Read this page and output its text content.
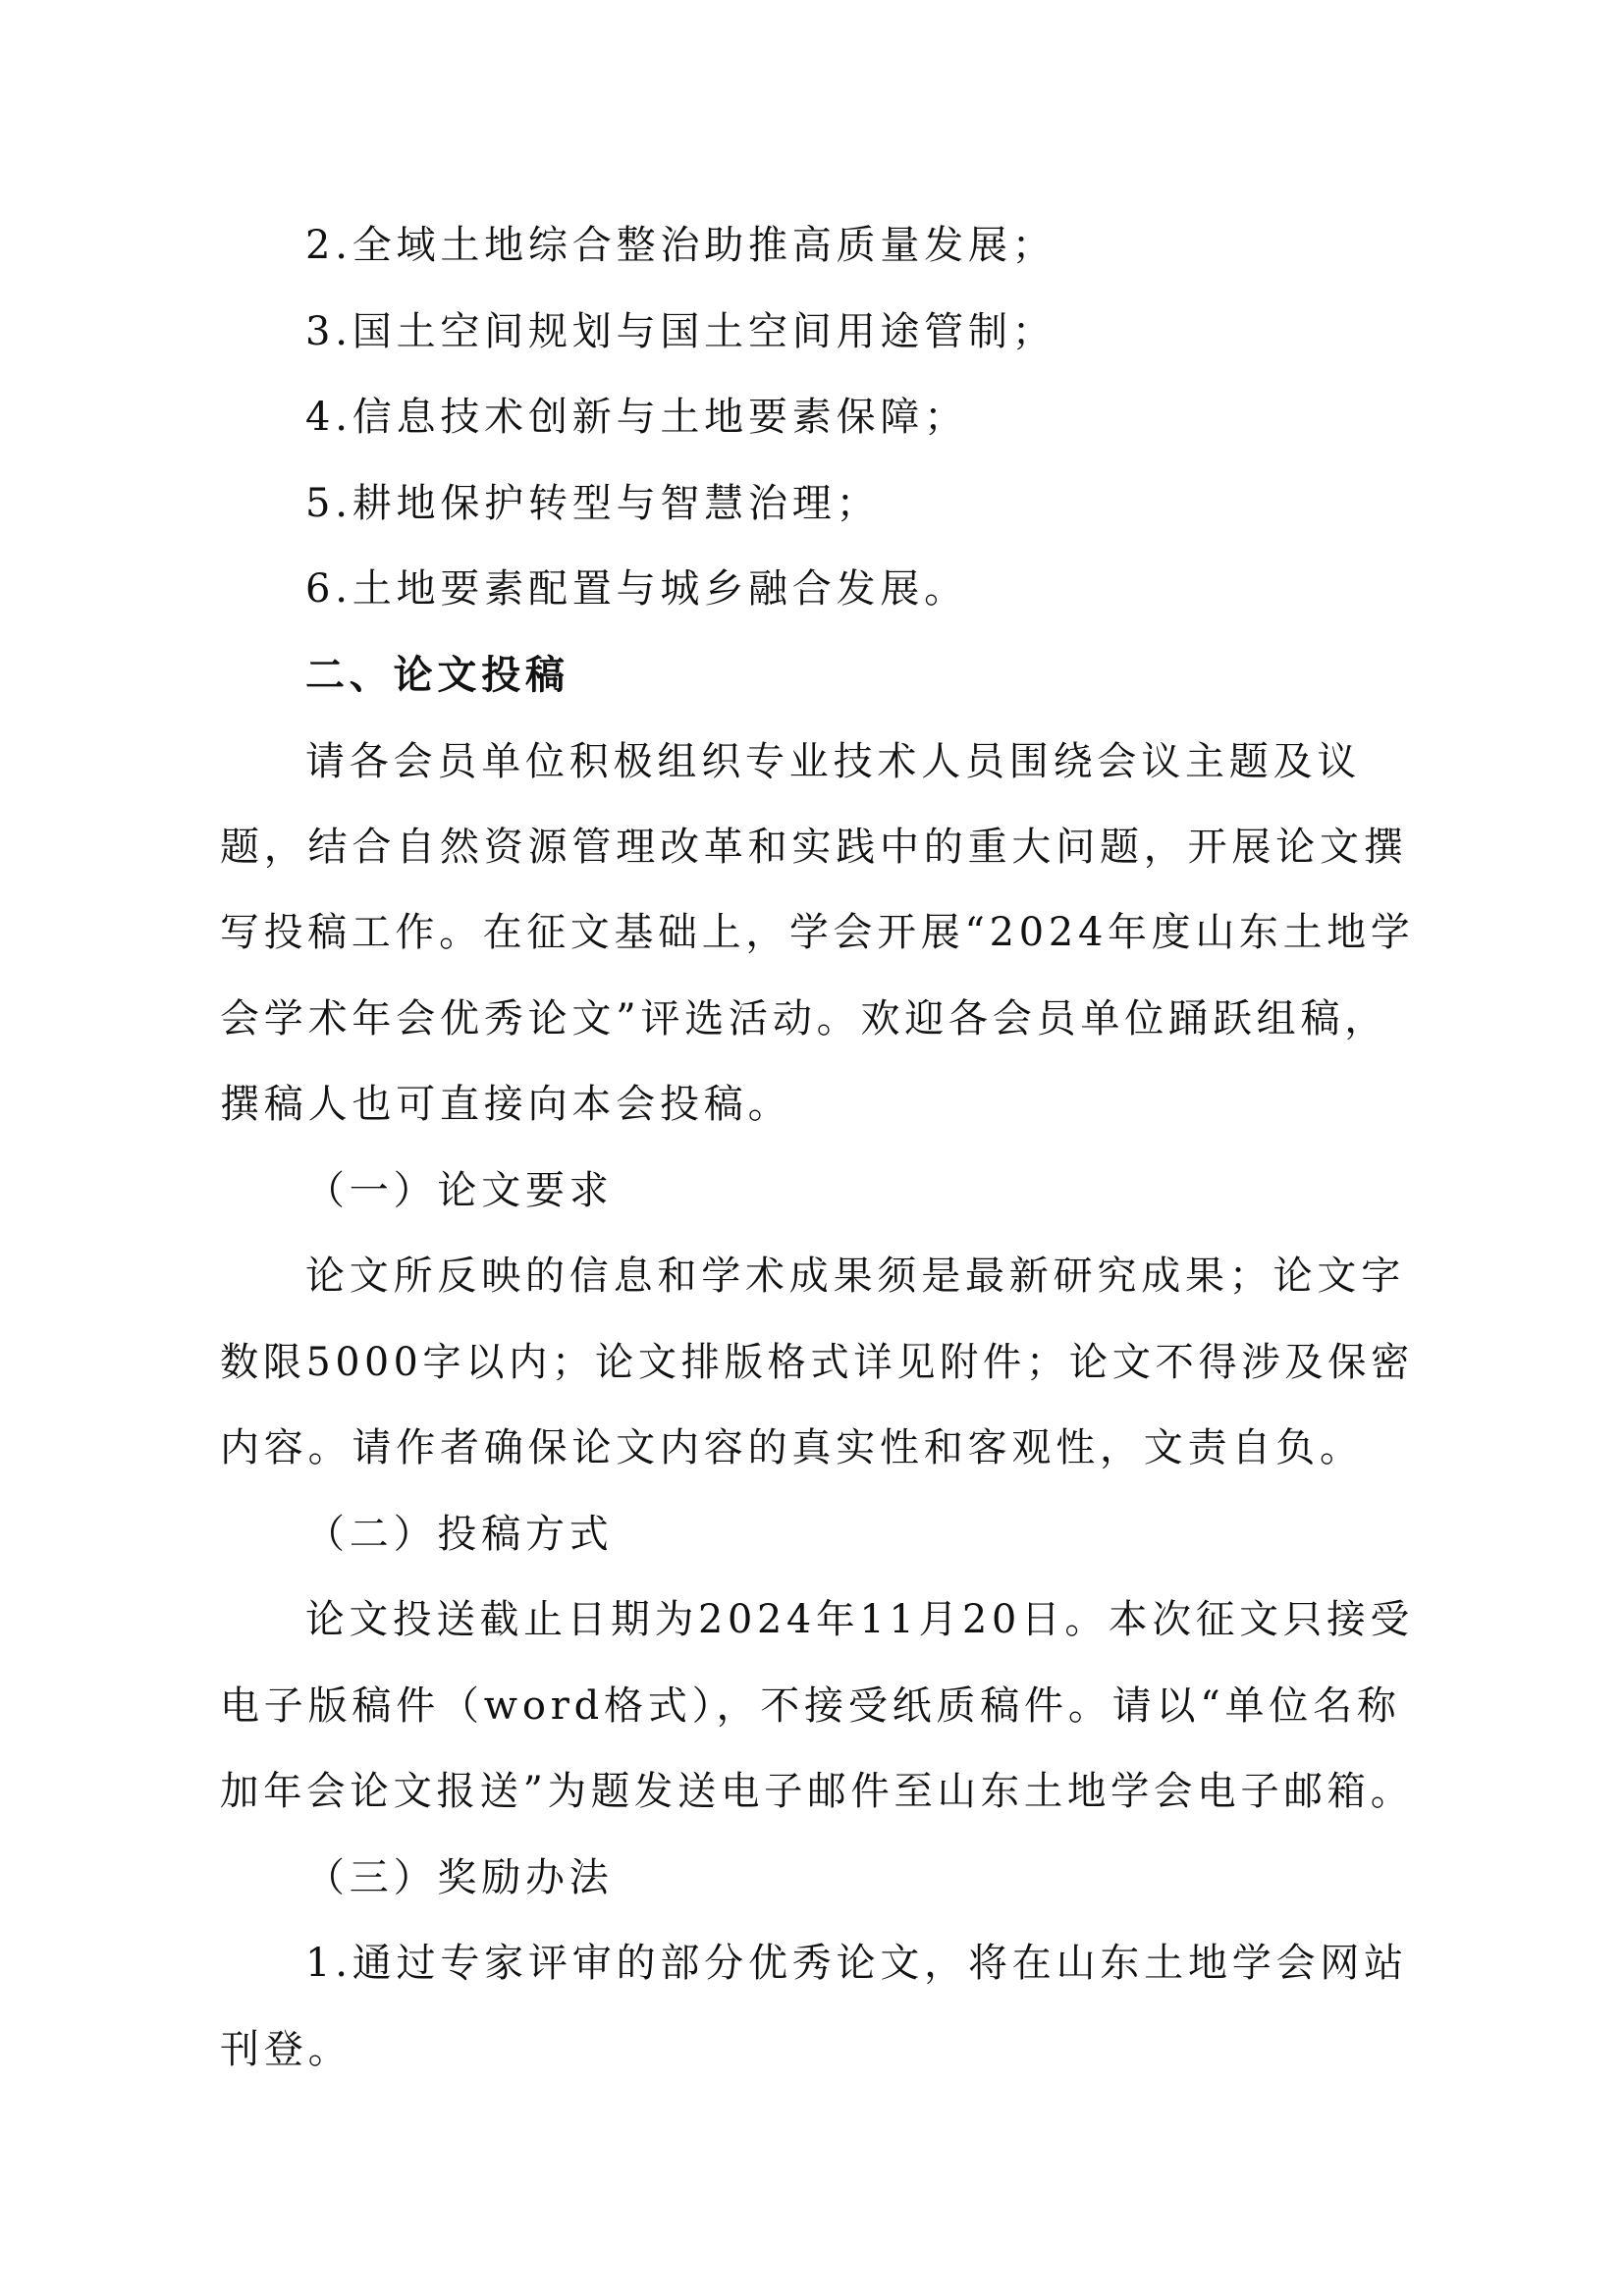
2.全域土地综合整治助推高质量发展；
3.国土空间规划与国土空间用途管制；
4.信息技术创新与土地要素保障；
5.耕地保护转型与智慧治理；
6.土地要素配置与城乡融合发展。
二、论文投稿
请各会员单位积极组织专业技术人员围绕会议主题及议
题，结合自然资源管理改革和实践中的重大问题，开展论文撰
写投稿工作。在征文基础上，学会开展“2024年度山东土地学
会学术年会优秀论文”评选活动。欢迎各会员单位踊跃组稿，
撰稿人也可直接向本会投稿。
（一）论文要求
论文所反映的信息和学术成果须是最新研究成果；论文字
数限5000字以内；论文排版格式详见附件；论文不得涉及保密
内容。请作者确保论文内容的真实性和客观性，文责自负。
（二）投稿方式
论文投送截止日期为2024年11月20日。本次征文只接受
电子版稿件（word格式），不接受纸质稿件。请以“单位名称
加年会论文报送”为题发送电子邮件至山东土地学会电子邮箱。
（三）奖励办法
1.通过专家评审的部分优秀论文，将在山东土地学会网站
刊登。
